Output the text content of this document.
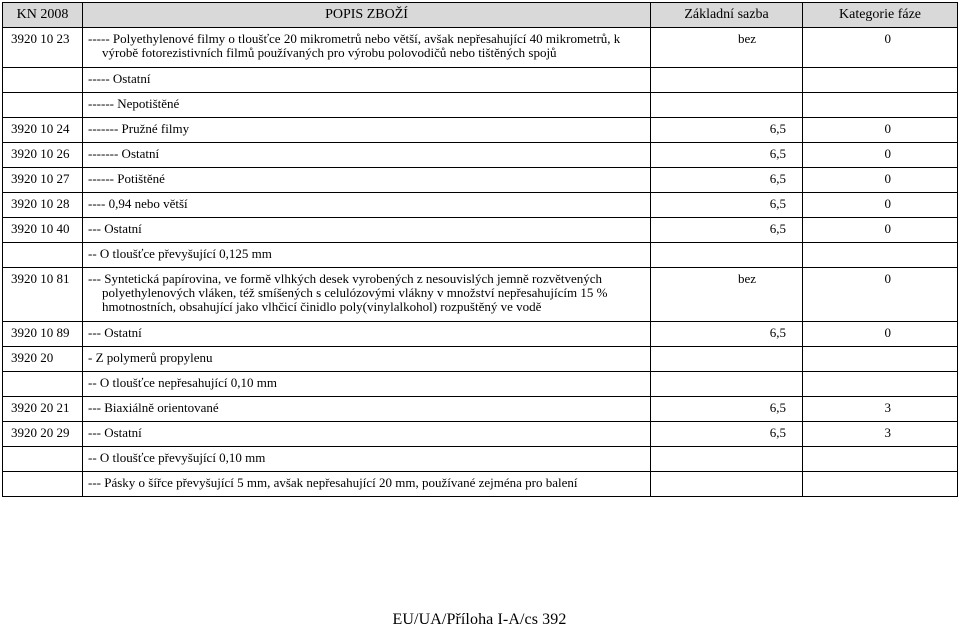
KN 2008	POPIS ZBOŽÍ	Základní sazba	Kategorie fáze
3920 10 23	----- Polyethylenové filmy o tloušťce 20 mikrometrů nebo větší, avšak nepřesahující 40 mikrometrů, k výrobě fotorezistivních filmů používaných pro výrobu polovodičů nebo tištěných spojů	bez	0
	----- Ostatní		
	------ Nepotištěné		
3920 10 24	------- Pružné filmy	6,5	0
3920 10 26	------- Ostatní	6,5	0
3920 10 27	------ Potištěné	6,5	0
3920 10 28	---- 0,94 nebo větší	6,5	0
3920 10 40	--- Ostatní	6,5	0
	-- O tloušťce převyšující 0,125 mm		
3920 10 81	--- Syntetická papírovina, ve formě vlhkých desek vyrobených z nesouvislých jemně rozvětvených polyethylenových vláken, též smíšených s celulózovými vlákny v množství nepřesahujícím 15 % hmotnostních, obsahující jako vlhčicí činidlo poly(vinylalkohol) rozpuštěný ve vodě	bez	0
3920 10 89	--- Ostatní	6,5	0
3920 20	- Z polymerů propylenu		
	-- O tloušťce nepřesahující 0,10 mm		
3920 20 21	--- Biaxiálně orientované	6,5	3
3920 20 29	--- Ostatní	6,5	3
	-- O tloušťce převyšující 0,10 mm		
	--- Pásky o šířce převyšující 5 mm, avšak nepřesahující 20 mm, používané zejména pro balení		
EU/UA/Příloha I-A/cs 392
